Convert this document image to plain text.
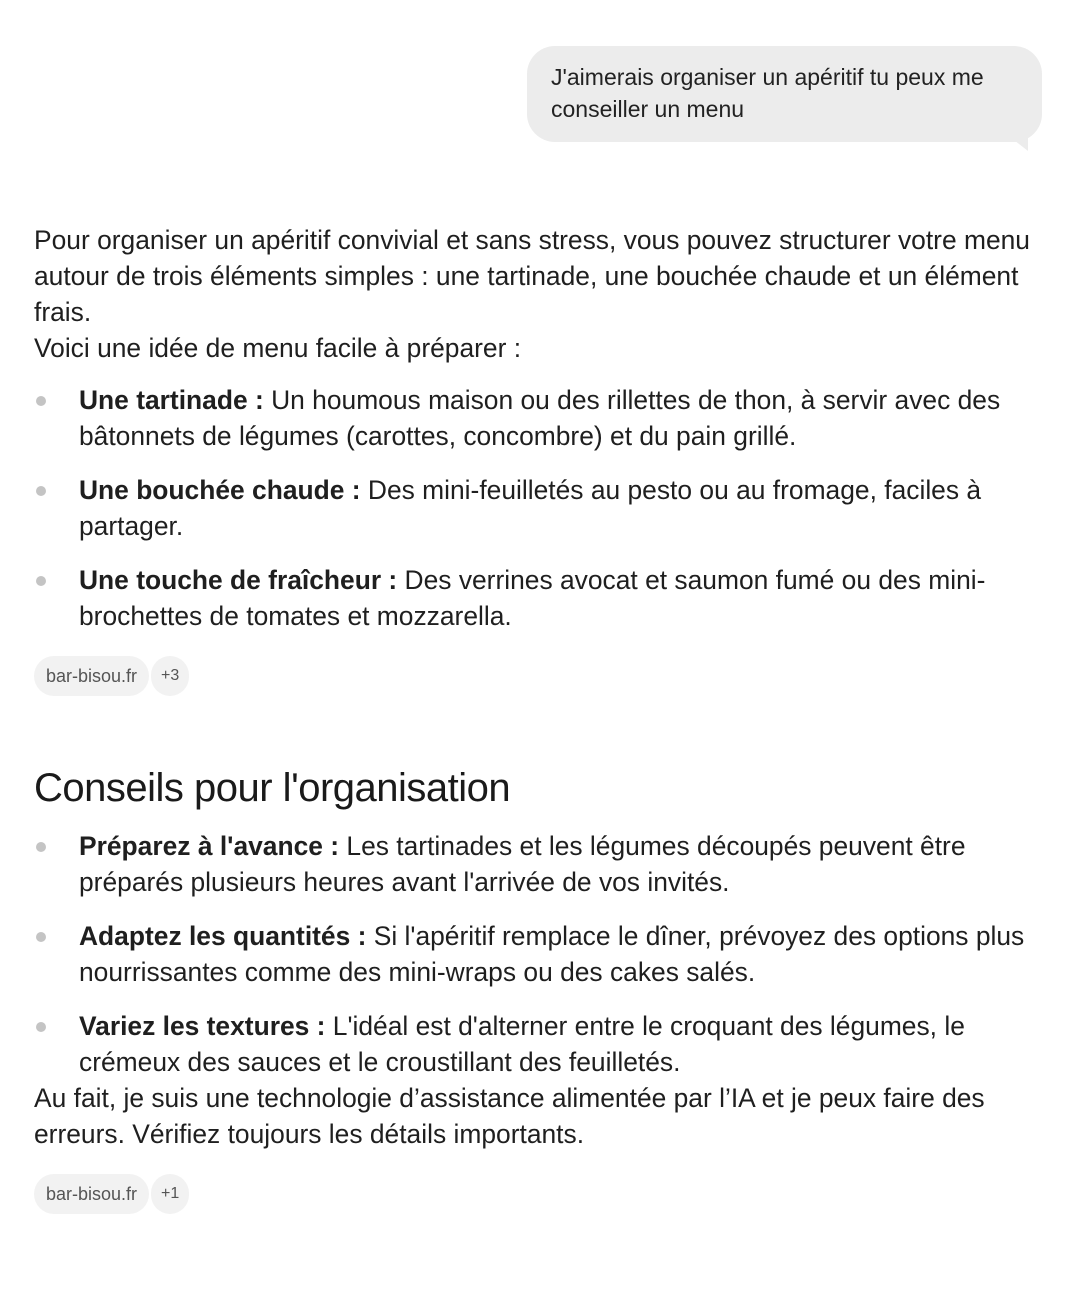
J'aimerais organiser un apéritif tu peux me conseiller un menu

Pour organiser un apéritif convivial et sans stress, vous pouvez structurer votre menu autour de trois éléments simples : une tartinade, une bouchée chaude et un élément frais.

Voici une idée de menu facile à préparer :

Une tartinade : Un houmous maison ou des rillettes de thon, à servir avec des bâtonnets de légumes (carottes, concombre) et du pain grillé.
Une bouchée chaude : Des mini-feuilletés au pesto ou au fromage, faciles à partager.
Une touche de fraîcheur : Des verrines avocat et saumon fumé ou des mini-brochettes de tomates et mozzarella.
bar-bisou.fr	+3
Conseils pour l'organisation
Préparez à l'avance : Les tartinades et les légumes découpés peuvent être préparés plusieurs heures avant l'arrivée de vos invités.
Adaptez les quantités : Si l'apéritif remplace le dîner, prévoyez des options plus nourrissantes comme des mini-wraps ou des cakes salés.
Variez les textures : L'idéal est d'alterner entre le croquant des légumes, le crémeux des sauces et le croustillant des feuilletés.

Au fait, je suis une technologie d’assistance alimentée par l’IA et je peux faire des erreurs. Vérifiez toujours les détails importants.

bar-bisou.fr	+1
